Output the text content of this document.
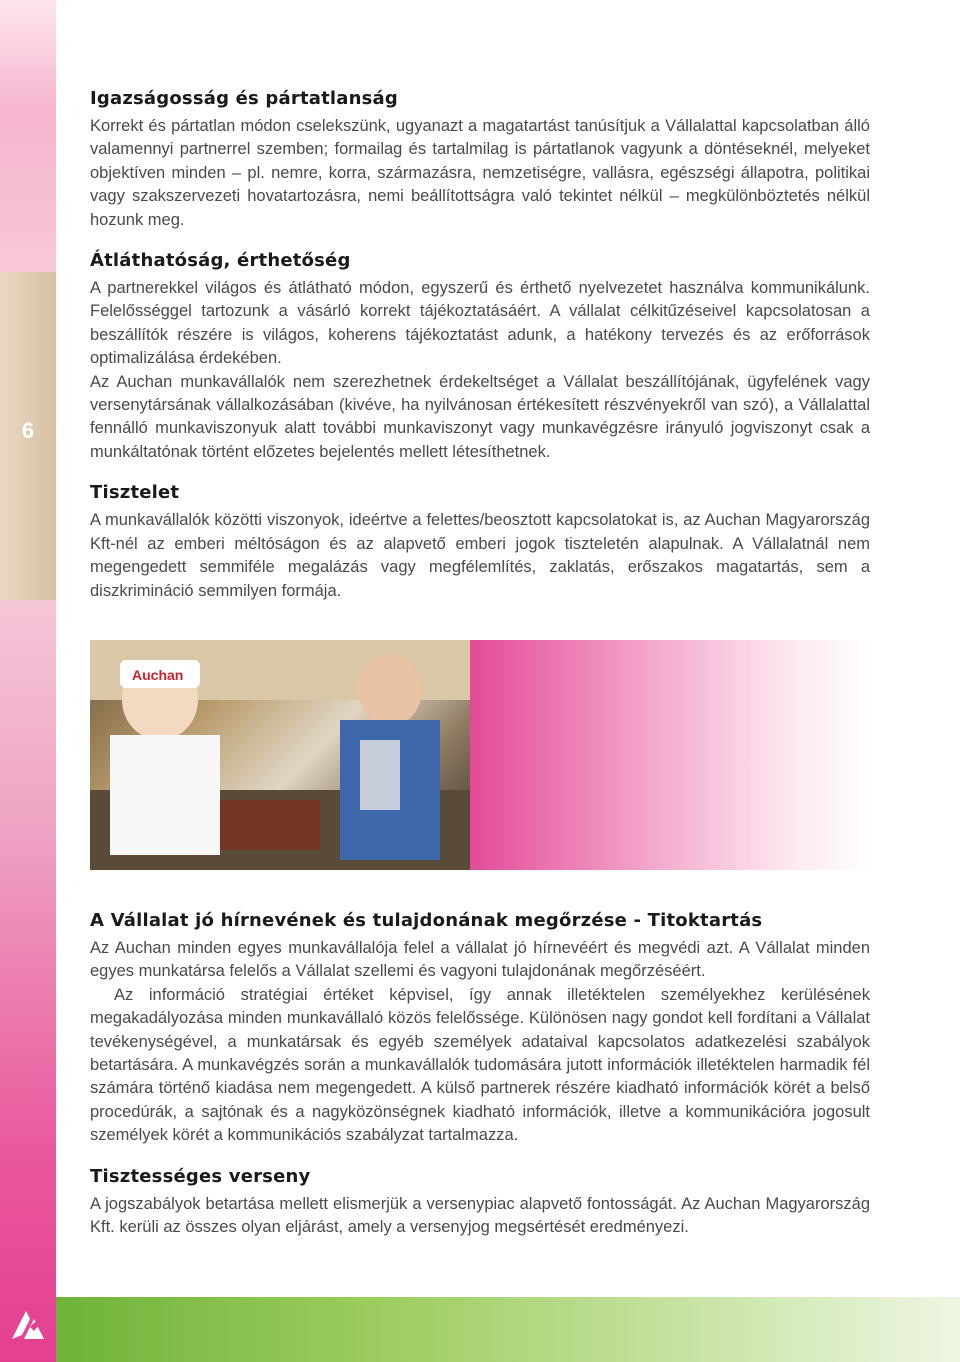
6
Igazságosság és pártatlanság

Korrekt és pártatlan módon cselekszünk, ugyanazt a magatartást tanúsítjuk a Vállalattal kapcsolatban álló valamennyi partnerrel szemben; formailag és tartalmilag is pártatlanok vagyunk a döntéseknél, melyeket objektíven minden – pl. nemre, korra, származásra, nemzetiségre, vallásra, egészségi állapotra, politikai vagy szakszervezeti hovatartozásra, nemi beállítottságra való tekintet nélkül – megkülönböztetés nélkül hozunk meg.

Átláthatóság, érthetőség

A partnerekkel világos és átlátható módon, egyszerű és érthető nyelvezetet használva kommunikálunk. Felelősséggel tartozunk a vásárló korrekt tájékoztatásáért. A vállalat célkitűzéseivel kapcsolatosan a beszállítók részére is világos, koherens tájékoztatást adunk, a hatékony tervezés és az erőforrások optimalizálása érdekében.

Az Auchan munkavállalók nem szerezhetnek érdekeltséget a Vállalat beszállítójának, ügyfelének vagy versenytársának vállalkozásában (kivéve, ha nyilvánosan értékesített részvényekről van szó), a Vállalattal fennálló munkaviszonyuk alatt további munkaviszonyt vagy munkavégzésre irányuló jogviszonyt csak a munkáltatónak történt előzetes bejelentés mellett létesíthetnek.

Tisztelet

A munkavállalók közötti viszonyok, ideértve a felettes/beosztott kapcsolatokat is, az Auchan Magyarország Kft-nél az emberi méltóságon és az alapvető emberi jogok tiszteletén alapulnak. A Vállalatnál nem megengedett semmiféle megalázás vagy megfélemlítés, zaklatás, erőszakos magatartás, sem a diszkrimináció semmilyen formája.

Auchan
A Vállalat jó hírnevének és tulajdonának megőrzése - Titoktartás

Az Auchan minden egyes munkavállalója felel a vállalat jó hírnevéért és megvédi azt. A Vállalat minden egyes munkatársa felelős a Vállalat szellemi és vagyoni tulajdonának megőrzéséért.

Az információ stratégiai értéket képvisel, így annak illetéktelen személyekhez kerülésének megakadályozása minden munkavállaló közös felelőssége. Különösen nagy gondot kell fordítani a Vállalat tevékenységével, a munkatársak és egyéb személyek adataival kapcsolatos adatkezelési szabályok betartására. A munkavégzés során a munkavállalók tudomására jutott információk illetéktelen harmadik fél számára történő kiadása nem megengedett. A külső partnerek részére kiadható információk körét a belső procedúrák, a sajtónak és a nagyközönségnek kiadható információk, illetve a kommunikációra jogosult személyek körét a kommunikációs szabályzat tartalmazza.

Tisztességes verseny

A jogszabályok betartása mellett elismerjük a versenypiac alapvető fontosságát. Az Auchan Magyarország Kft. kerüli az összes olyan eljárást, amely a versenyjog megsértését eredményezi.
